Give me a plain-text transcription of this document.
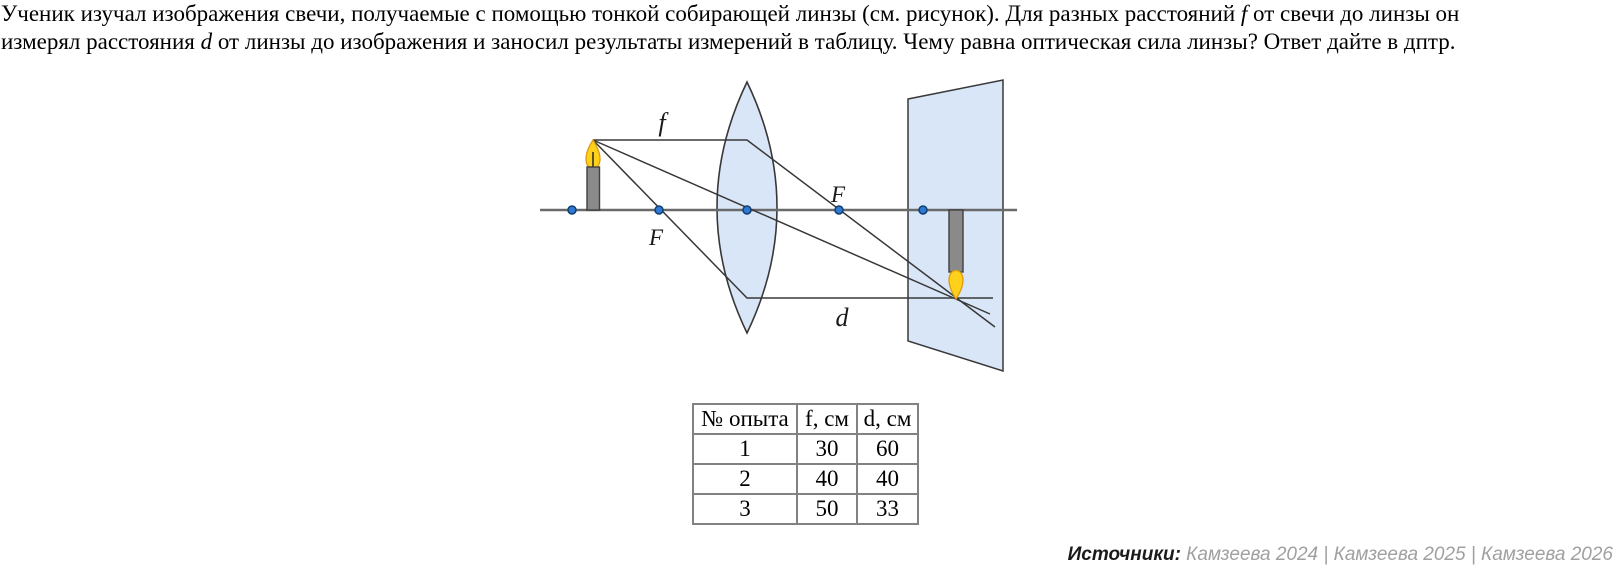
Ученик изучал изображения свечи, получаемые с помощью тонкой собирающей линзы (см. рисунок). Для разных расстояний f от свечи до линзы он
измерял расстояния d от линзы до изображения и заносил результаты измерений в таблицу. Чему равна оптическая сила линзы? Ответ дайте в дптр.
f
F
F
d
№ опыта	f, см	d, см
1	30	60
2	40	40
3	50	33
Источники: Камзеева 2024 | Камзеева 2025 | Камзеева 2026
